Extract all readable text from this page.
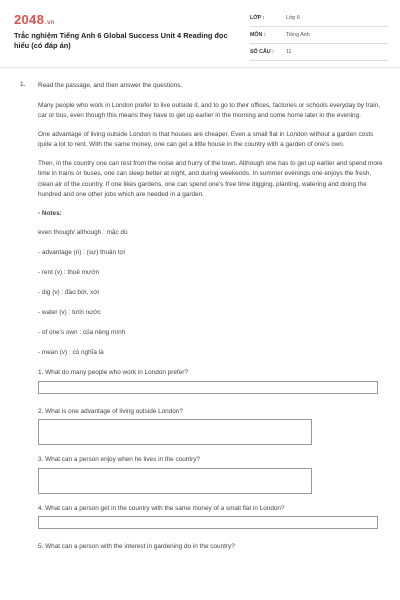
2048.vn
Trắc nghiệm Tiếng Anh 6 Global Success Unit 4 Reading đọc hiểu (có đáp án)
LỚP :	Lớp 6
MÔN :	Tiếng Anh
SỐ CÂU :	11
1. Read the passage, and then answer the questions.

Many people who work in London prefer to live outside it, and to go to their offices, factories or schools everyday by train, car or bus, even though this means they have to get up earlier in the morning and come home later in the evening.

One advantage of living outside London is that houses are cheaper. Even a small flat in London without a garden costs quite a lot to rent. With the same money, one can get a little house in the country with a garden of one's own.

Then, in the country one can rest from the noise and hurry of the town. Although one has to get up earlier and spend more time in trains or buses, one can sleep better at night, and during weekends. In summer evenings one enjoys the fresh, clean air of the country. If one likes gardens, one can spend one's free time digging, planting, watering and doing the hundred and one other jobs which are needed in a garden.

- Notes:

even though/ although : mặc dù

- advantage (n) : (sự) thuận lợi

- rent (v) : thuê mướn

- dig (v) : đào bới, xới

- water (v) : tưới nước

- of one's own : của riêng mình

- mean (v) : có nghĩa là

1. What do many people who work in London prefer?

2. What is one advantage of living outside London?

3. What can a person enjoy when he lives in the country?

4. What can a person get in the country with the same money of a small flat in London?

5. What can a person with the interest in gardening do in the country?
